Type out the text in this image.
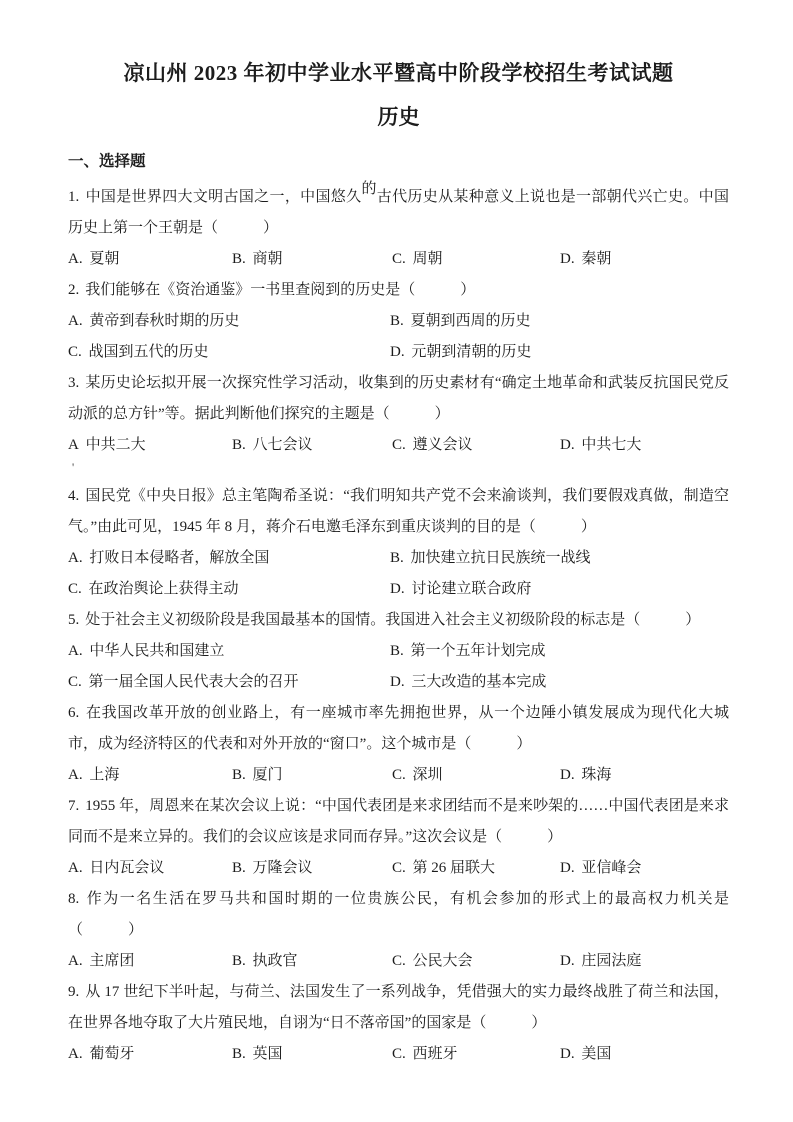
凉山州 2023 年初中学业水平暨高中阶段学校招生考试试题
历史
一、选择题

1. 中国是世界四大文明古国之一，中国悠久的古代历史从某种意义上说也是一部朝代兴亡史。中国历史上第一个王朝是（　　　）

A. 夏朝	B. 商朝	C. 周朝	D. 秦朝

2. 我们能够在《资治通鉴》一书里查阅到的历史是（　　　）

A. 黄帝到春秋时期的历史	B. 夏朝到西周的历史
C. 战国到五代的历史	D. 元朝到清朝的历史

3. 某历史论坛拟开展一次探究性学习活动，收集到的历史素材有“确定土地革命和武装反抗国民党反动派的总方针”等。据此判断他们探究的主题是（　　　）

A 中共二大	B. 八七会议	C. 遵义会议	D. 中共七大
'

4. 国民党《中央日报》总主笔陶希圣说：“我们明知共产党不会来渝谈判，我们要假戏真做，制造空气。”由此可见，1945 年 8 月，蒋介石电邀毛泽东到重庆谈判的目的是（　　　）

A. 打败日本侵略者，解放全国	B. 加快建立抗日民族统一战线
C. 在政治舆论上获得主动	D. 讨论建立联合政府

5. 处于社会主义初级阶段是我国最基本的国情。我国进入社会主义初级阶段的标志是（　　　）

A. 中华人民共和国建立	B. 第一个五年计划完成
C. 第一届全国人民代表大会的召开	D. 三大改造的基本完成

6. 在我国改革开放的创业路上，有一座城市率先拥抱世界，从一个边陲小镇发展成为现代化大城市，成为经济特区的代表和对外开放的“窗口”。这个城市是（　　　）

A. 上海	B. 厦门	C. 深圳	D. 珠海

7. 1955 年，周恩来在某次会议上说：“中国代表团是来求团结而不是来吵架的……中国代表团是来求同而不是来立异的。我们的会议应该是求同而存异。”这次会议是（　　　）

A. 日内瓦会议	B. 万隆会议	C. 第 26 届联大	D. 亚信峰会

8. 作为一名生活在罗马共和国时期的一位贵族公民，有机会参加的形式上的最高权力机关是（　　　）

A. 主席团	B. 执政官	C. 公民大会	D. 庄园法庭

9. 从 17 世纪下半叶起，与荷兰、法国发生了一系列战争，凭借强大的实力最终战胜了荷兰和法国，在世界各地夺取了大片殖民地，自诩为“日不落帝国”的国家是（　　　）

A. 葡萄牙	B. 英国	C. 西班牙	D. 美国
